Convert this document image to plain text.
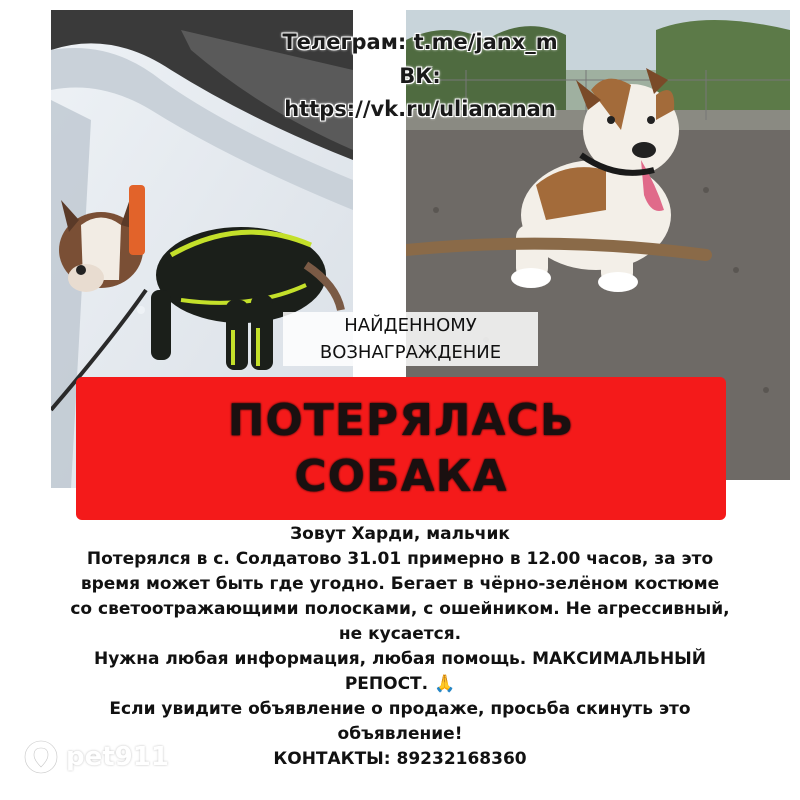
Телеграм: t.me/janx_m
ВК:
https://vk.ru/uliananan
НАЙДЕННОМУ
ВОЗНАГРАЖДЕНИЕ
ПОТЕРЯЛАСЬ
СОБАКА
Зовут Харди, мальчик
Потерялся в с. Солдатово 31.01 примерно в 12.00 часов, за это
время может быть где угодно. Бегает в чёрно-зелёном костюме
со светоотражающими полосками, с ошейником. Не агрессивный,
не кусается.
Нужна любая информация, любая помощь. МАКСИМАЛЬНЫЙ
РЕПОСТ. 🙏
Если увидите объявление о продаже, просьба скинуть это
объявление!
КОНТАКТЫ: 89232168360
pet911
